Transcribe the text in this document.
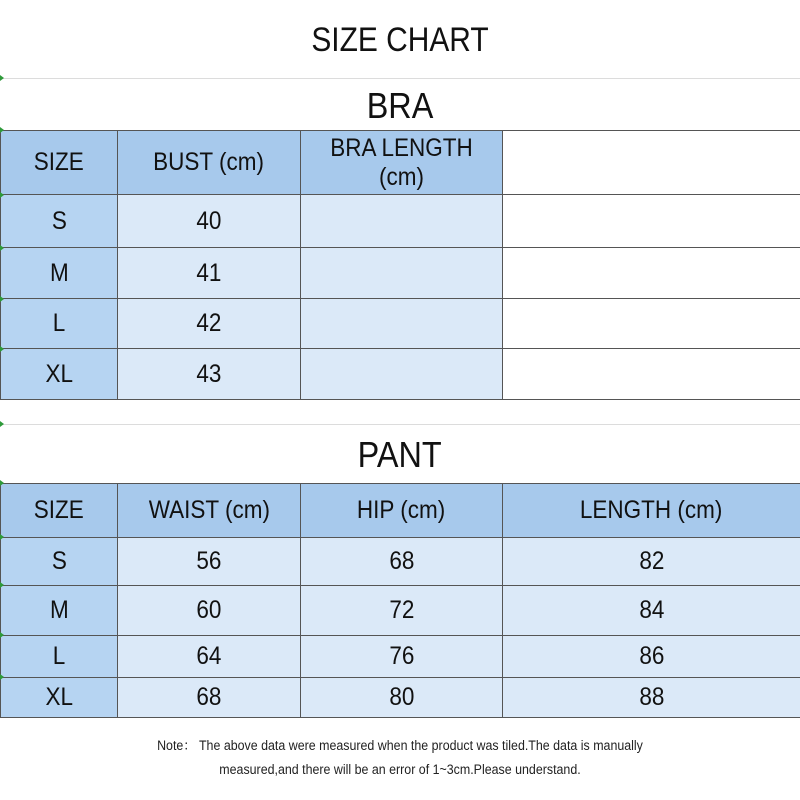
SIZE CHART
BRA
SIZE	BUST (cm)	BRA LENGTH (cm)	
S	40		
M	41		
L	42		
XL	43		
PANT
SIZE	WAIST (cm)	HIP (cm)	LENGTH (cm)
S	56	68	82
M	60	72	84
L	64	76	86
XL	68	80	88
Note： The above data were measured when the product was tiled.The data is manually
measured,and there will be an error of 1~3cm.Please understand.
